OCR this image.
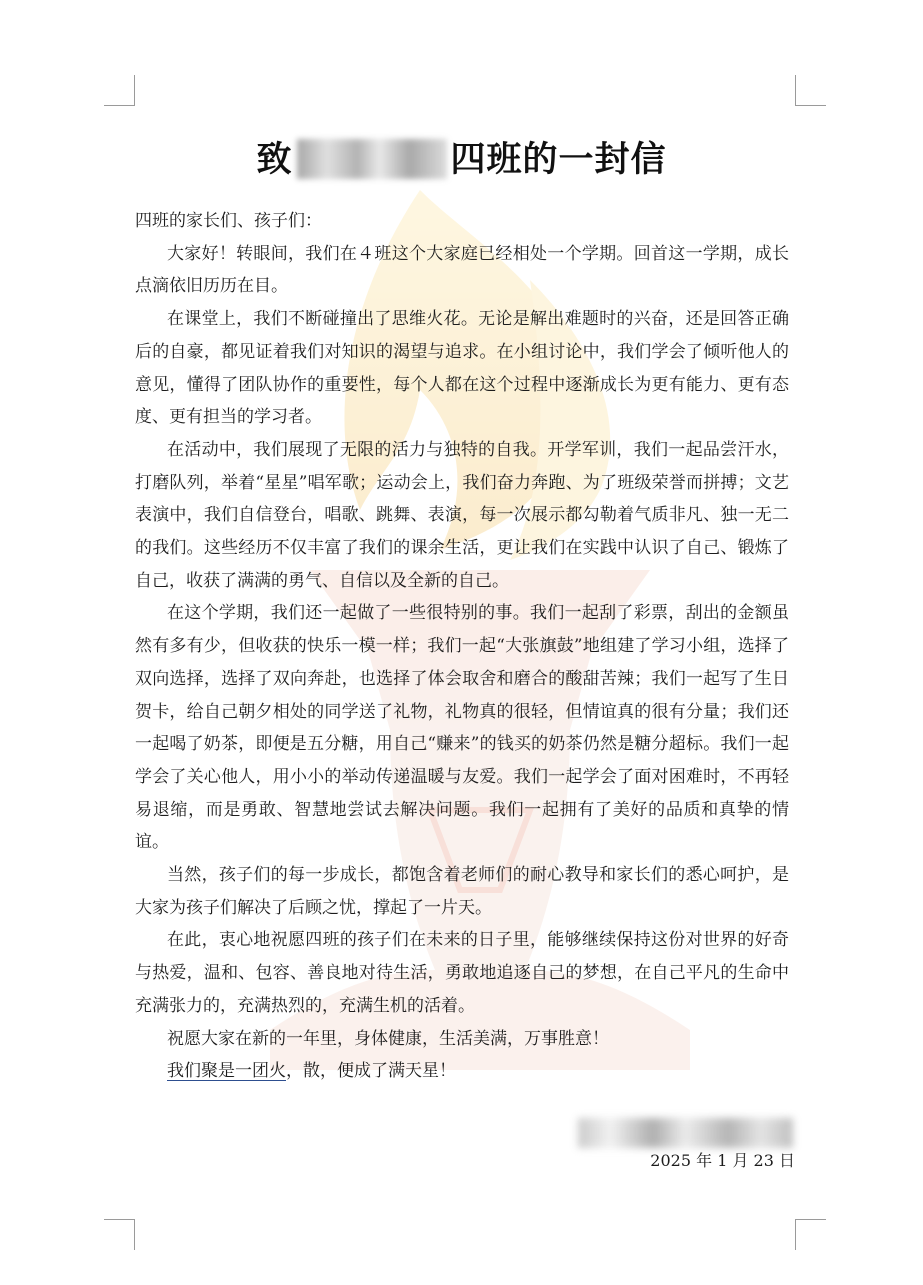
致	四班的一封信

四班的家长们、孩子们：

大家好！转眼间，我们在４班这个大家庭已经相处一个学期。回首这一学期，成长点滴依旧历历在目。

在课堂上，我们不断碰撞出了思维火花。无论是解出难题时的兴奋，还是回答正确后的自豪，都见证着我们对知识的渴望与追求。在小组讨论中，我们学会了倾听他人的意见，懂得了团队协作的重要性，每个人都在这个过程中逐渐成长为更有能力、更有态度、更有担当的学习者。

在活动中，我们展现了无限的活力与独特的自我。开学军训，我们一起品尝汗水，打磨队列，举着“星星”唱军歌；运动会上，我们奋力奔跑、为了班级荣誉而拼搏；文艺表演中，我们自信登台，唱歌、跳舞、表演，每一次展示都勾勒着气质非凡、独一无二的我们。这些经历不仅丰富了我们的课余生活，更让我们在实践中认识了自己、锻炼了自己，收获了满满的勇气、自信以及全新的自己。

在这个学期，我们还一起做了一些很特别的事。我们一起刮了彩票，刮出的金额虽然有多有少，但收获的快乐一模一样；我们一起“大张旗鼓”地组建了学习小组，选择了双向选择，选择了双向奔赴，也选择了体会取舍和磨合的酸甜苦辣；我们一起写了生日贺卡，给自己朝夕相处的同学送了礼物，礼物真的很轻，但情谊真的很有分量；我们还一起喝了奶茶，即便是五分糖，用自己“赚来”的钱买的奶茶仍然是糖分超标。我们一起学会了关心他人，用小小的举动传递温暖与友爱。我们一起学会了面对困难时，不再轻易退缩，而是勇敢、智慧地尝试去解决问题。我们一起拥有了美好的品质和真挚的情谊。

当然，孩子们的每一步成长，都饱含着老师们的耐心教导和家长们的悉心呵护，是大家为孩子们解决了后顾之忧，撑起了一片天。

在此，衷心地祝愿四班的孩子们在未来的日子里，能够继续保持这份对世界的好奇与热爱，温和、包容、善良地对待生活，勇敢地追逐自己的梦想，在自己平凡的生命中充满张力的，充满热烈的，充满生机的活着。

祝愿大家在新的一年里，身体健康，生活美满，万事胜意！

我们聚是一团火，散，便成了满天星！

2025 年 1 月 23 日
